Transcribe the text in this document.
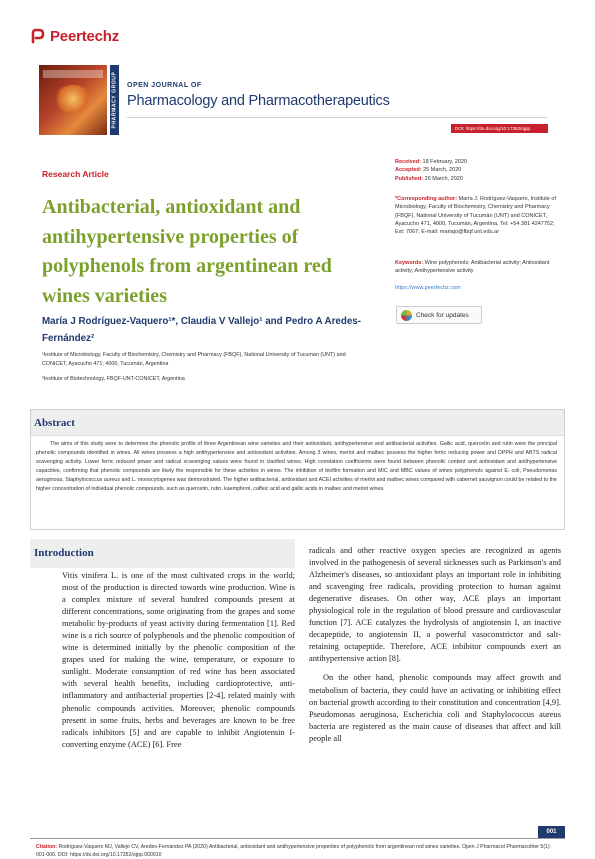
Peertechz
PHARMACY GROUP OPEN JOURNAL OF
Pharmacology and Pharmacotherapeutics
DOI: https://dx.doi.org/10.17352/ojpp
Research Article
Antibacterial, antioxidant and antihypertensive properties of polyphenols from argentinean red wines varieties
María J Rodríguez-Vaquero¹*, Claudia V Vallejo¹ and Pedro A Aredes-Fernández²
¹Institute of Microbiology, Faculty of Biochemistry, Chemistry and Pharmacy (FBQF), National University of Tucuman (UNT) and CONICET, Ayacucho 471; 4000, Tucumán, Argentina
²Institute of Biotechnology, FBQF-UNT-CONICET, Argentina
Received: 18 February, 2020
Accepted: 25 March, 2020
Published: 26 March, 2020
*Corresponding author: María J. Rodríguez-Vaquero, Institute of Microbiology, Faculty of Biochemistry, Chemistry and Pharmacy (FBQF), National University of Tucumán (UNT) and CONICET, Ayacucho 471, 4000, Tucumán, Argentina, Tel: +54 381 4247752; Ext: 7067; E-mail: mariajo@fbqf.unt.edu.ar
Keywords: Wine polyphenols; Antibacterial activity; Antioxidant activity; Antihypertensive activity
https://www.peertechz.com
Check for updates
Abstract

The aims of this study were to determine the phenolic profile of three Argentinean wine varieties and their antioxidant, antihypertensive and antibacterial activities. Gallic acid, quercetin and rutin were the principal phenolic compounds identified in wines. All wines possess a high antihypertensive and antioxidant activities. Among 3 wines, merlot and malbec possess the higher ferric reducing power and DPPH and ABTS radical scavenging activity. Lower ferric reduced power and radical scavenging values were found in clarified wines. High correlation coefficients were found between phenolic content and antioxidant and antihypertensive capacities, confirming that phenolic compounds are likely the responsible for these activities in wines. The inhibition of biofilm formation and MIC and MBC values of wines polyphenols against E. coli, Pseudomonas aeruginosa, Staphylococcus aureus and L. monocytogenes was demonstrated. The higher antibacterial, antioxidant and ACEI activities of merlot and malbec wines compared with cabernet sauvignon could be related to the higher concentration of individual phenolic compounds, such as quercetin, rutin, kaempferol, caffeic acid and gallic acids in malbec and merlot wines.

Introduction

Vitis vinifera L. is one of the most cultivated crops in the world; most of the production is directed towards wine production. Wine is a complex mixture of several hundred compounds present at different concentrations, some originating from the grapes and some metabolic by-products of yeast activity during fermentation [1]. Red wine is a rich source of polyphenols and the phenolic composition of wine is determined initially by the phenolic composition of the grapes used for making the wine, temperature, or exposure to sunlight. Moderate consumption of red wine has been associated with several health benefits, including cardioprotective, anti-inflammatory and antibacterial properties [2-4], related mainly with phenolic compounds activities. Moreover, phenolic compounds present in some fruits, herbs and beverages are known to be free radicals inhibitors [5] and are capable to inhibit Angiotensin I-converting enzyme (ACE) [6]. Free

radicals and other reactive oxygen species are recognized as agents involved in the pathogenesis of several sicknesses such as Parkinson's and Alzheimer's diseases, so antioxidant plays an important role in inhibiting and scavenging free radicals, providing protection to human against degenerative diseases. On other way, ACE plays an important physiological role in the regulation of blood pressure and cardiovascular function [7]. ACE catalyzes the hydrolysis of angiotensin I, an inactive decapeptide, to angiotensin II, a powerful vasoconstrictor and salt-retaining octapeptide. Therefore, ACE inhibitor compounds exert an antihypertensive action [8].

On the other hand, phenolic compounds may affect growth and metabolism of bacteria, they could have an activating or inhibiting effect on bacterial growth according to their constitution and concentration [4,9]. Pseudomonas aeruginosa, Escherichia coli and Staphylococcus aureus bacteria are registered as the main cause of diseases that affect and kill people all

001
Citation: Rodríguez-Vaquero MJ, Vallejo CV, Aredes-Fernández PA (2020) Antibacterial, antioxidant and antihypertensive properties of polyphenols from argentinean red wines varieties. Open J Pharmacol Pharmacother 5(1): 001-006. DOI: https://dx.doi.org/10.17352/ojpp.000010
